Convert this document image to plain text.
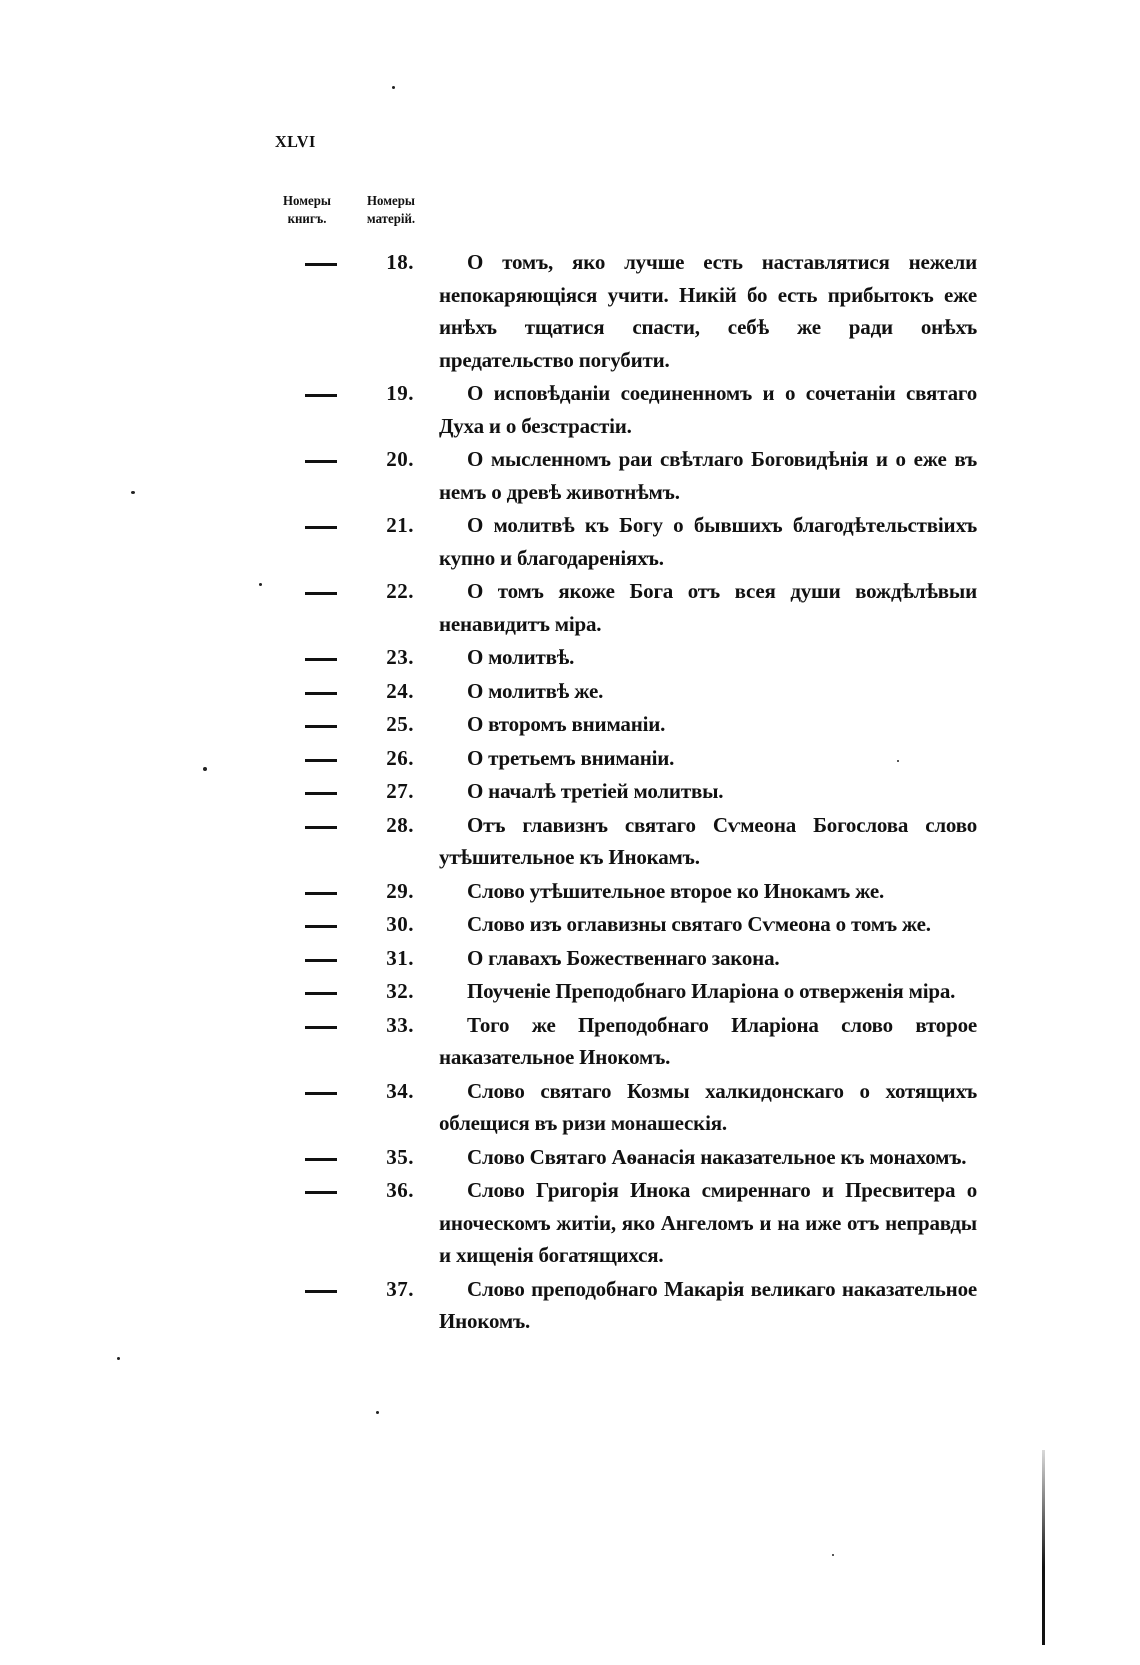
XLVI
Номеры
книгъ.
Номеры
матерій.
18.	О томъ, яко лучше есть наставлятися нежели непокаряющіяся учити. Никій бо есть прибытокъ еже инѣхъ тщатися спасти, себѣ же ради онѣхъ предательство погубити.
19.	О исповѣданіи соединенномъ и о сочетаніи святаго Духа и о безстрастіи.
20.	О мысленномъ раи свѣтлаго Боговидѣнія и о еже въ немъ о древѣ животнѣмъ.
21.	О молитвѣ къ Богу о бывшихъ благодѣтельствіихъ купно и благодареніяхъ.
22.	О томъ якоже Бога отъ всея души вождѣлѣвыи ненавидитъ міра.
23.	О молитвѣ.
24.	О молитвѣ же.
25.	О второмъ вниманіи.
26.	О третьемъ вниманіи.
27.	О началѣ третіей молитвы.
28.	Отъ главизнъ святаго Сѵмеона Богослова слово утѣшительное къ Инокамъ.
29.	Слово утѣшительное второе ко Инокамъ же.
30.	Слово изъ оглавизны святаго Сѵмеона о томъ же.
31.	О главахъ Божественнаго закона.
32.	Поученіе Преподобнаго Иларіона о отверженія міра.
33.	Того же Преподобнаго Иларіона слово второе наказательное Инокомъ.
34.	Слово святаго Козмы халкидонскаго о хотящихъ облещися въ ризи монашескія.
35.	Слово Святаго Аѳанасія наказательное къ монахомъ.
36.	Слово Григорія Инока смиреннаго и Пресвитера о иноческомъ житіи, яко Ангеломъ и на иже отъ неправды и хищенія богатящихся.
37.	Слово преподобнаго Макарія великаго наказательное Инокомъ.
